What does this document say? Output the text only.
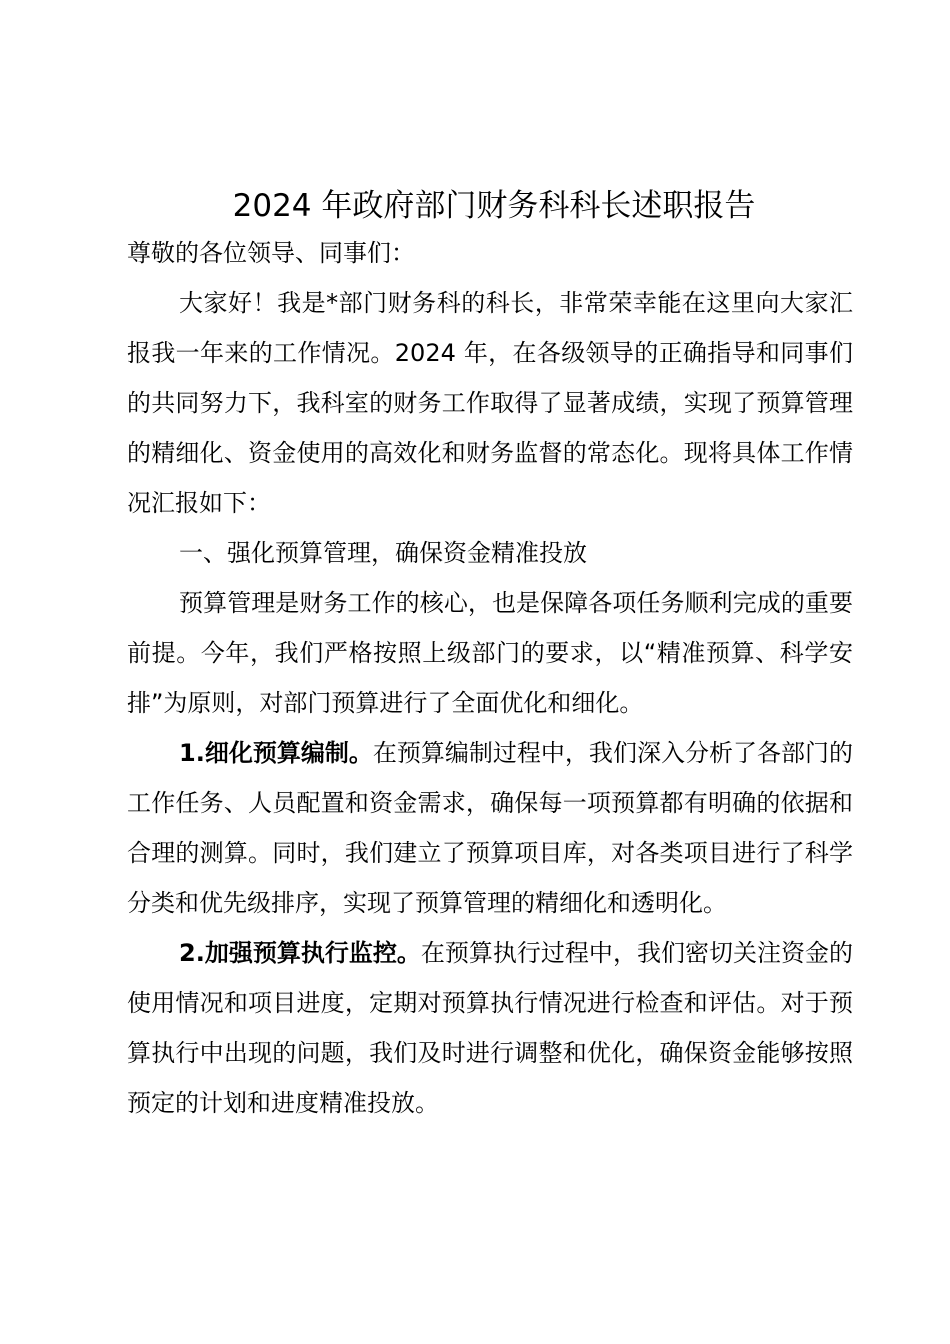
2024 年政府部门财务科科长述职报告

尊敬的各位领导、同事们：

大家好！我是*部门财务科的科长，非常荣幸能在这里向大家汇报我一年来的工作情况。2024 年，在各级领导的正确指导和同事们的共同努力下，我科室的财务工作取得了显著成绩，实现了预算管理的精细化、资金使用的高效化和财务监督的常态化。现将具体工作情况汇报如下：

一、强化预算管理，确保资金精准投放

预算管理是财务工作的核心，也是保障各项任务顺利完成的重要前提。今年，我们严格按照上级部门的要求，以“精准预算、科学安排”为原则，对部门预算进行了全面优化和细化。

1.细化预算编制。在预算编制过程中，我们深入分析了各部门的工作任务、人员配置和资金需求，确保每一项预算都有明确的依据和合理的测算。同时，我们建立了预算项目库，对各类项目进行了科学分类和优先级排序，实现了预算管理的精细化和透明化。

2.加强预算执行监控。在预算执行过程中，我们密切关注资金的使用情况和项目进度，定期对预算执行情况进行检查和评估。对于预算执行中出现的问题，我们及时进行调整和优化，确保资金能够按照预定的计划和进度精准投放。
